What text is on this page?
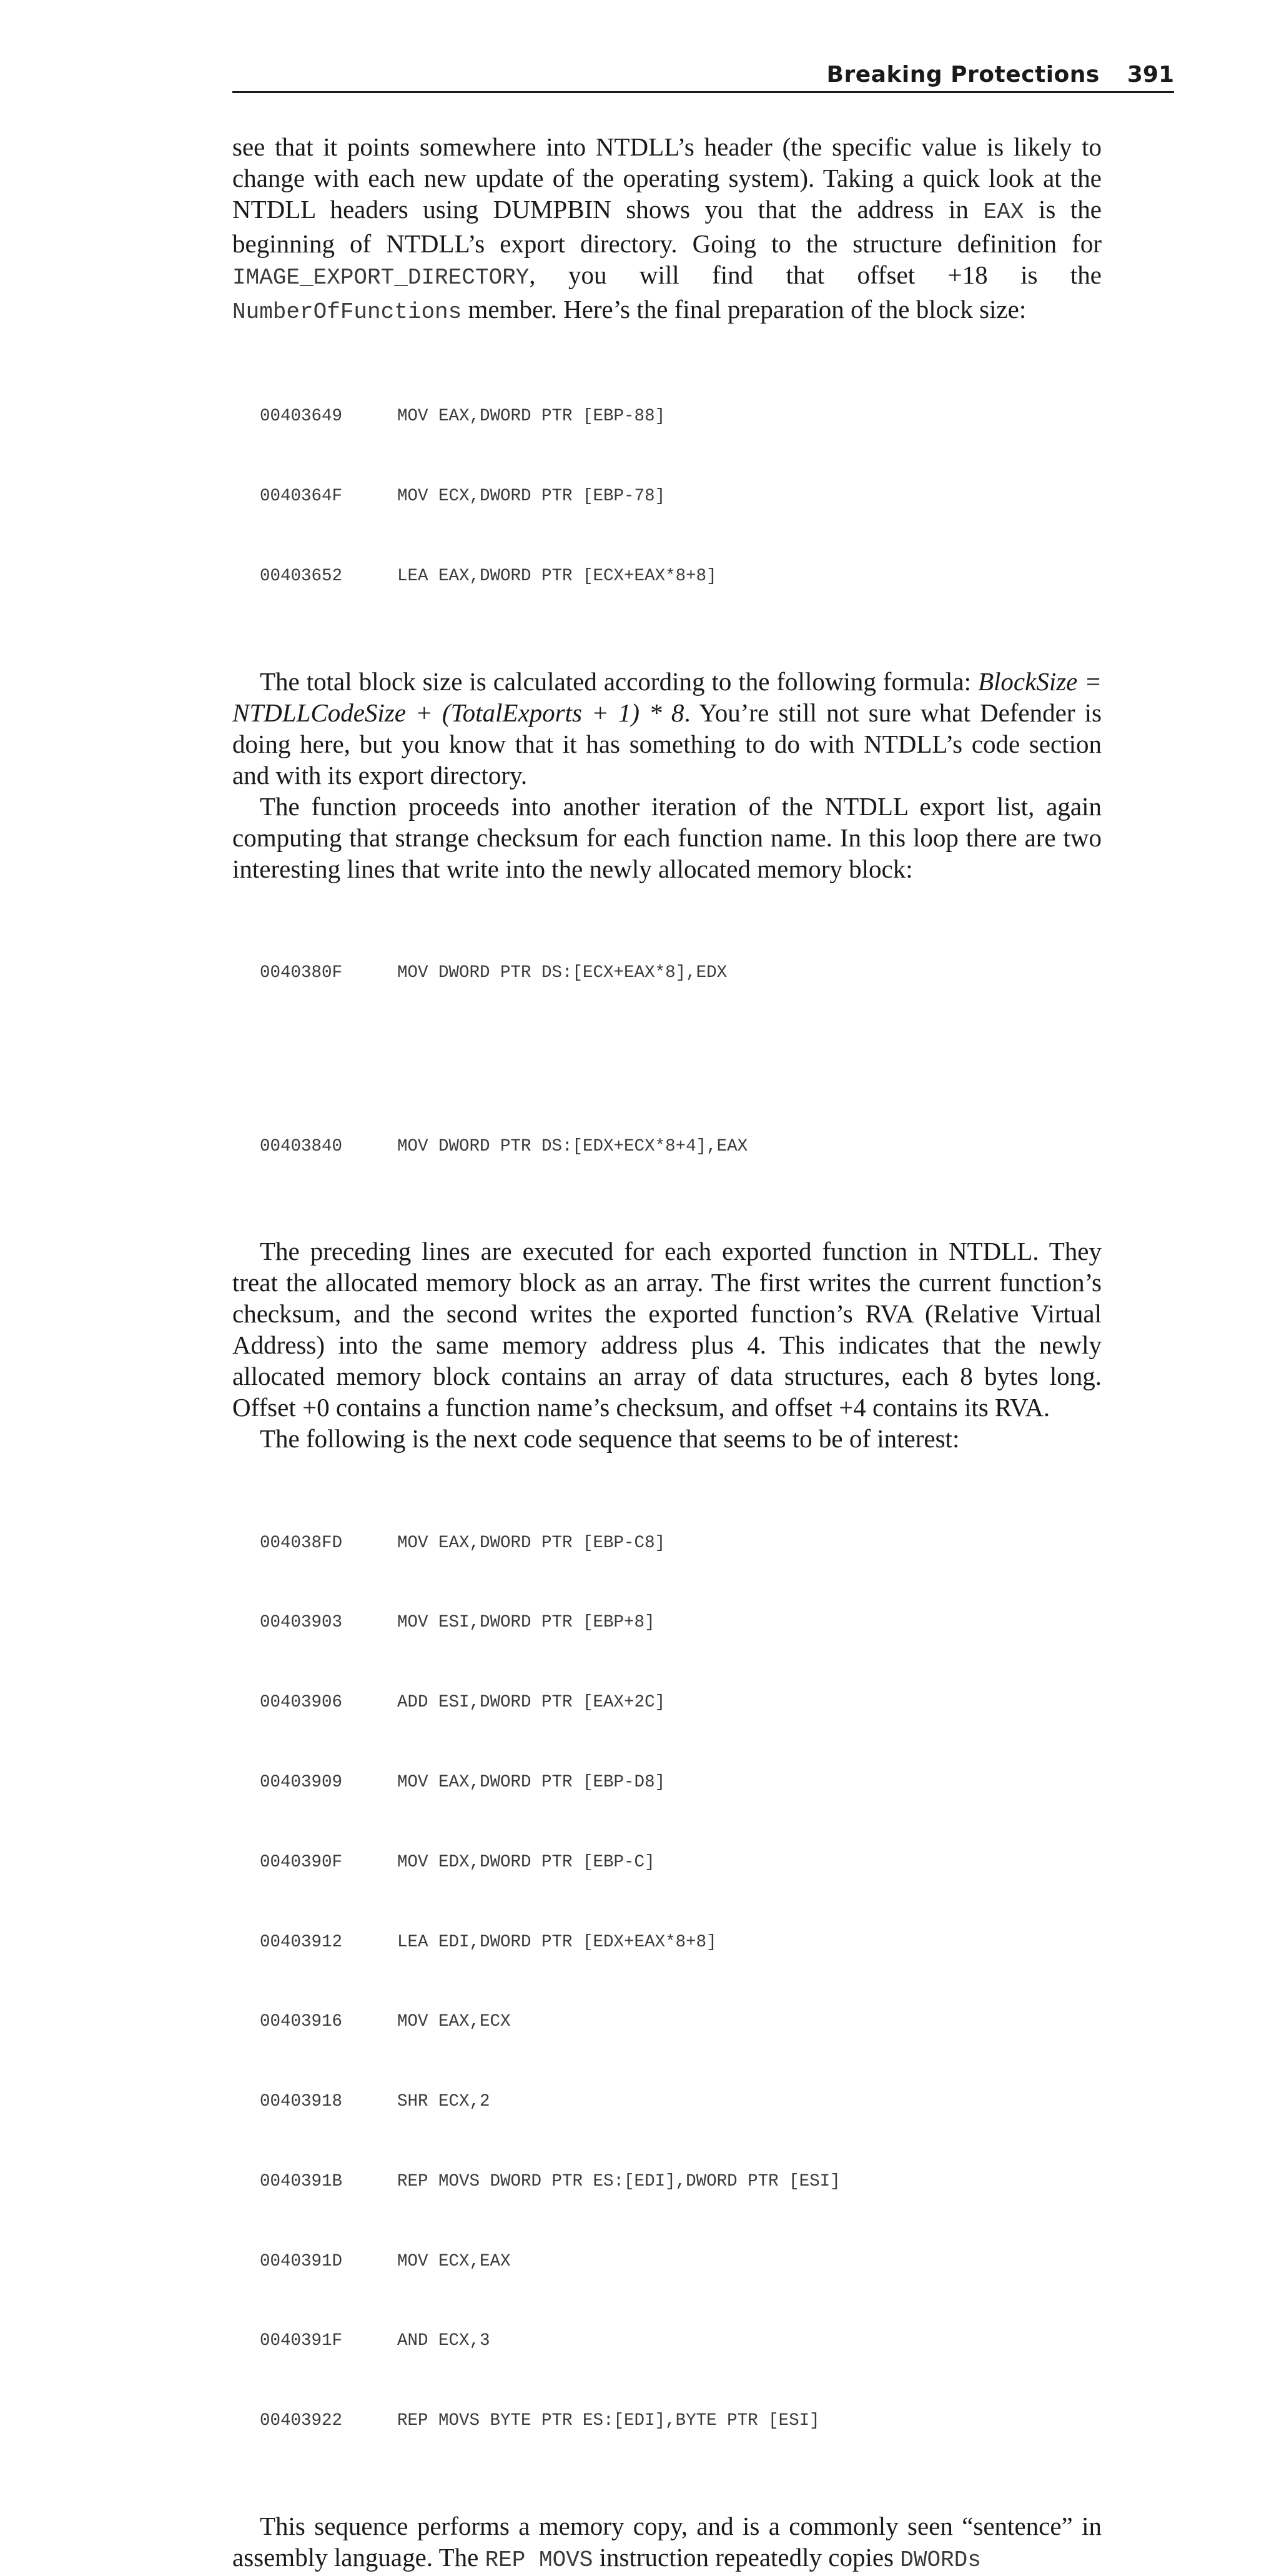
Breaking Protections 391

see that it points somewhere into NTDLL’s header (the specific value is likely to change with each new update of the operating system). Taking a quick look at the NTDLL headers using DUMPBIN shows you that the address in EAX is the beginning of NTDLL’s export directory. Going to the structure definition for IMAGE_EXPORT_DIRECTORY, you will find that offset +18 is the NumberOfFunctions member. Here’s the final preparation of the block size:

00403649	MOV EAX,DWORD PTR [EBP-88]

0040364F	MOV ECX,DWORD PTR [EBP-78]

00403652	LEA EAX,DWORD PTR [ECX+EAX*8+8]

The total block size is calculated according to the following formula: BlockSize = NTDLLCodeSize + (TotalExports + 1) * 8. You’re still not sure what Defender is doing here, but you know that it has something to do with NTDLL’s code section and with its export directory.

The function proceeds into another iteration of the NTDLL export list, again computing that strange checksum for each function name. In this loop there are two interesting lines that write into the newly allocated memory block:

0040380F	MOV DWORD PTR DS:[ECX+EAX*8],EDX

00403840	MOV DWORD PTR DS:[EDX+ECX*8+4],EAX

The preceding lines are executed for each exported function in NTDLL. They treat the allocated memory block as an array. The first writes the current function’s checksum, and the second writes the exported function’s RVA (Relative Virtual Address) into the same memory address plus 4. This indicates that the newly allocated memory block contains an array of data structures, each 8 bytes long. Offset +0 contains a function name’s checksum, and offset +4 contains its RVA.

The following is the next code sequence that seems to be of interest:

004038FD	MOV EAX,DWORD PTR [EBP-C8]

00403903	MOV ESI,DWORD PTR [EBP+8]

00403906	ADD ESI,DWORD PTR [EAX+2C]

00403909	MOV EAX,DWORD PTR [EBP-D8]

0040390F	MOV EDX,DWORD PTR [EBP-C]

00403912	LEA EDI,DWORD PTR [EDX+EAX*8+8]

00403916	MOV EAX,ECX

00403918	SHR ECX,2

0040391B	REP MOVS DWORD PTR ES:[EDI],DWORD PTR [ESI]

0040391D	MOV ECX,EAX

0040391F	AND ECX,3

00403922	REP MOVS BYTE PTR ES:[EDI],BYTE PTR [ESI]

This sequence performs a memory copy, and is a commonly seen “sentence” in assembly language. The REP MOVS instruction repeatedly copies DWORDs
